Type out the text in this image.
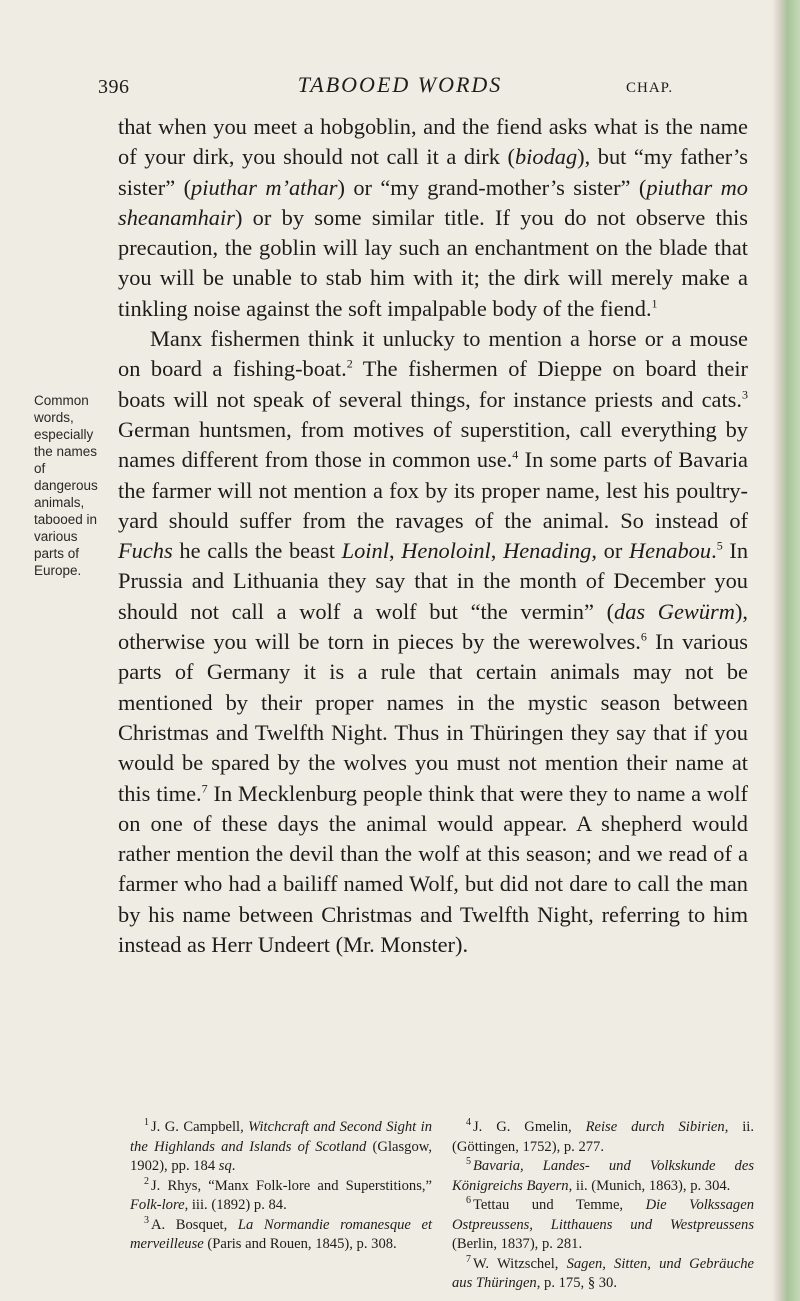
396	TABOOED WORDS	CHAP.
Common words, especially the names of dangerous animals, tabooed in various parts of Europe.

that when you meet a hobgoblin, and the fiend asks what is the name of your dirk, you should not call it a dirk (biodag), but “my father’s sister” (piuthar m’athar) or “my grand-mother’s sister” (piuthar mo sheanamhair) or by some similar title. If you do not observe this precaution, the goblin will lay such an enchantment on the blade that you will be unable to stab him with it; the dirk will merely make a tinkling noise against the soft impalpable body of the fiend.$^1$

Manx fishermen think it unlucky to mention a horse or a mouse on board a fishing-boat.$^2$ The fishermen of Dieppe on board their boats will not speak of several things, for instance priests and cats.$^3$ German huntsmen, from motives of superstition, call everything by names different from those in common use.$^4$ In some parts of Bavaria the farmer will not mention a fox by its proper name, lest his poultry-yard should suffer from the ravages of the animal. So instead of Fuchs he calls the beast Loinl, Henoloinl, Henading, or Henabou.$^5$ In Prussia and Lithuania they say that in the month of December you should not call a wolf a wolf but “the vermin” (das Gewürm), otherwise you will be torn in pieces by the werewolves.$^6$ In various parts of Germany it is a rule that certain animals may not be mentioned by their proper names in the mystic season between Christmas and Twelfth Night. Thus in Thüringen they say that if you would be spared by the wolves you must not mention their name at this time.$^7$ In Mecklenburg people think that were they to name a wolf on one of these days the animal would appear. A shepherd would rather mention the devil than the wolf at this season; and we read of a farmer who had a bailiff named Wolf, but did not dare to call the man by his name between Christmas and Twelfth Night, referring to him instead as Herr Undeert (Mr. Monster).

$^1$ J. G. Campbell, Witchcraft and Second Sight in the Highlands and Islands of Scotland (Glasgow, 1902), pp. 184 sq.

$^2$ J. Rhys, “Manx Folk-lore and Superstitions,” Folk-lore, iii. (1892) p. 84.

$^3$ A. Bosquet, La Normandie romanesque et merveilleuse (Paris and Rouen, 1845), p. 308.

$^4$ J. G. Gmelin, Reise durch Sibirien, ii. (Göttingen, 1752), p. 277.

$^5$ Bavaria, Landes- und Volkskunde des Königreichs Bayern, ii. (Munich, 1863), p. 304.

$^6$ Tettau und Temme, Die Volkssagen Ostpreussens, Litthauens und Westpreussens (Berlin, 1837), p. 281.

$^7$ W. Witzschel, Sagen, Sitten, und Gebräuche aus Thüringen, p. 175, § 30.
